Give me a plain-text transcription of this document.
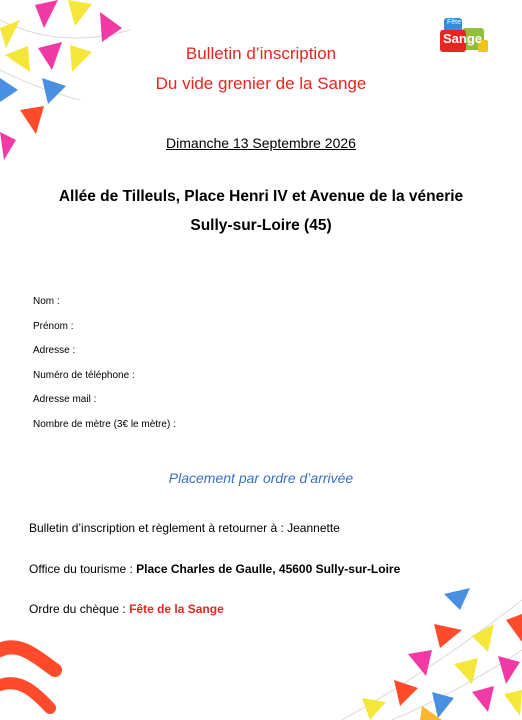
Fête
Sange
Bulletin d’inscription
Du vide grenier de la Sange
Dimanche 13 Septembre 2026
Allée de Tilleuls, Place Henri IV et Avenue de la vénerie
Sully-sur-Loire (45)
Nom :
Prénom :
Adresse :
Numéro de téléphone :
Adresse mail :
Nombre de mètre (3€ le mètre) :
Placement par ordre d’arrivée
Bulletin d’inscription et règlement à retourner à : Jeannette
Office du tourisme : Place Charles de Gaulle, 45600 Sully-sur-Loire
Ordre du chèque : Fête de la Sange
